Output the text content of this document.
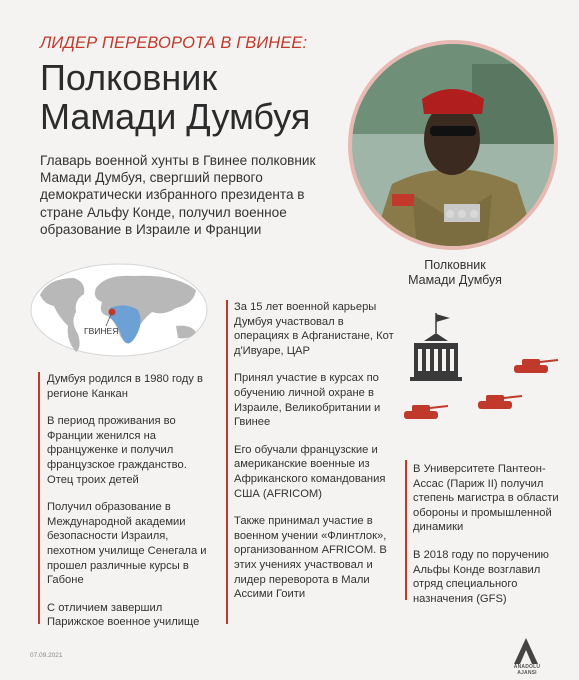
ЛИДЕР ПЕРЕВОРОТА В ГВИНЕЕ:
Полковник Мамади Думбуя

Главарь военной хунты в Гвинее полковник Мамади Думбуя, свергший первого демократически избранного президента в стране Альфу Конде, получил военное образование в Израиле и Франции

Полковник
Мамади Думбуя
ГВИНЕЯ

Думбуя родился в 1980 году в регионе Канкан

В период проживания во Франции женился на француженке и получил французское гражданство. Отец троих детей

Получил образование в Международной академии безопасности Израиля, пехотном училище Сенегала и прошел различные курсы в Габоне

С отличием завершил Парижское военное училище

За 15 лет военной карьеры Думбуя участвовал в операциях в Афганистане, Кот д'Ивуаре, ЦАР

Принял участие в курсах по обучению личной охране в Израиле, Великобритании и Гвинее

Его обучали французские и американские военные из Африканского командования США (AFRICOM)

Также принимал участие в военном учении «Флинтлок», организованном AFRICOM. В этих учениях участвовал и лидер переворота в Мали Ассими Гоити

В Университете Пантеон-Ассас (Париж II) получил степень магистра в области обороны и промышленной динамики

В 2018 году по поручению Альфы Конде возглавил отряд специального назначения (GFS)

07.09.2021
ANADOLU AJANSI
